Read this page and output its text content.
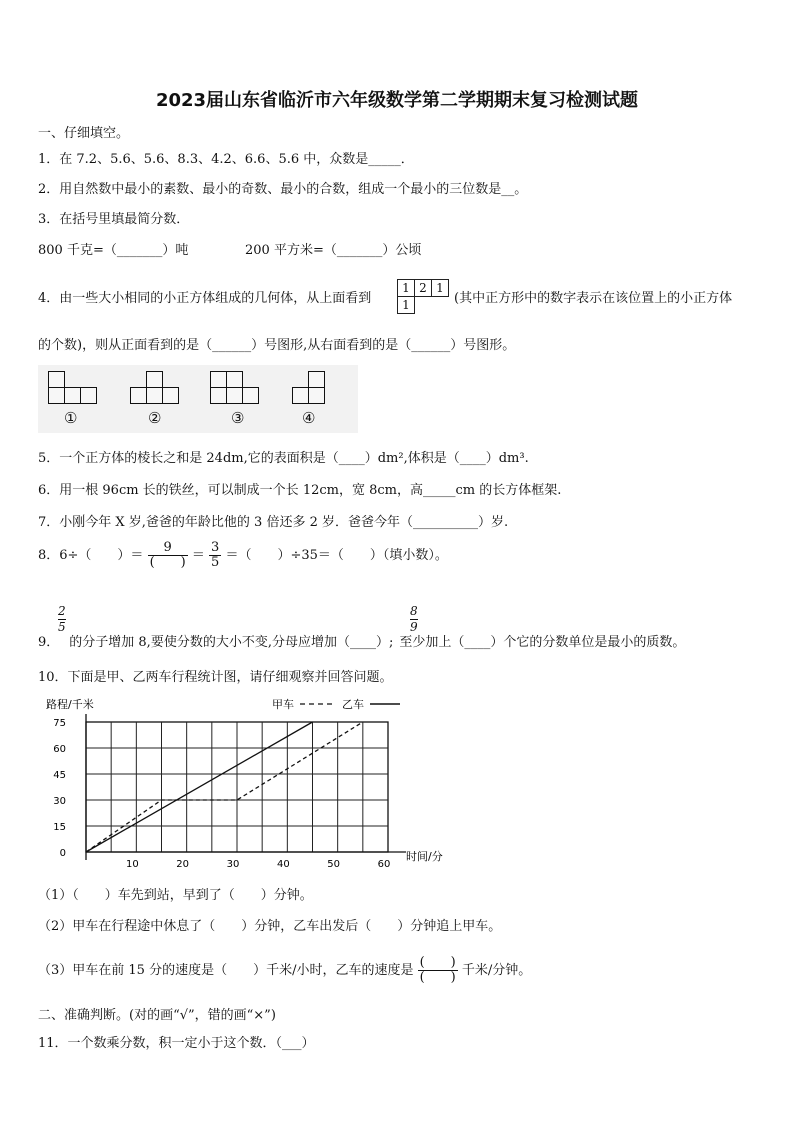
2023届山东省临沂市六年级数学第二学期期末复习检测试题
一、仔细填空。
1．在 7.2、5.6、5.6、8.3、4.2、6.6、5.6 中，众数是_____．
2．用自然数中最小的素数、最小的奇数、最小的合数，组成一个最小的三位数是__。
3．在括号里填最简分数．
800 千克=（_______）吨	200 平方米=（_______）公顷
4．由一些大小相同的小正方体组成的几何体，从上面看到
1 2 1
1	(其中正方形中的数字表示在该位置上的小正方体
的个数)，则从正面看到的是（______）号图形,从右面看到的是（______）号图形。
①	②	③	④
5．一个正方体的棱长之和是 24dm,它的表面积是（____）dm²,体积是（____）dm³.
6．用一根 96cm 长的铁丝，可以制成一个长 12cm，宽 8cm，高_____cm 的长方体框架.
7．小刚今年 X 岁,爸爸的年龄比他的 3 倍还多 2 岁．爸爸今年（__________）岁.
8．6÷（　　）＝ $\frac{9}{( )} = \frac{3}{5}$ ＝（　　）÷35＝（　　）（填小数）。
2
5
8
9
9． 的分子增加 8,要使分数的大小不变,分母应增加（____）; 至少加上（____）个它的分数单位是最小的质数。
10．下面是甲、乙两车行程统计图，请仔细观察并回答问题。
路程/千米
时间/分
甲车	乙车
0
15
30
45
60
75
10	20	30	40	50	60
（1）（　　）车先到站，早到了（　　）分钟。
（2）甲车在行程途中休息了（　　）分钟，乙车出发后（　　）分钟追上甲车。
（3）甲车在前 15 分的速度是（　　）千米/小时，乙车的速度是 $\frac{( )}{( )}$ 千米/分钟。
二、准确判断。(对的画“√”，错的画“×”)
11．一个数乘分数，积一定小于这个数．（___）
